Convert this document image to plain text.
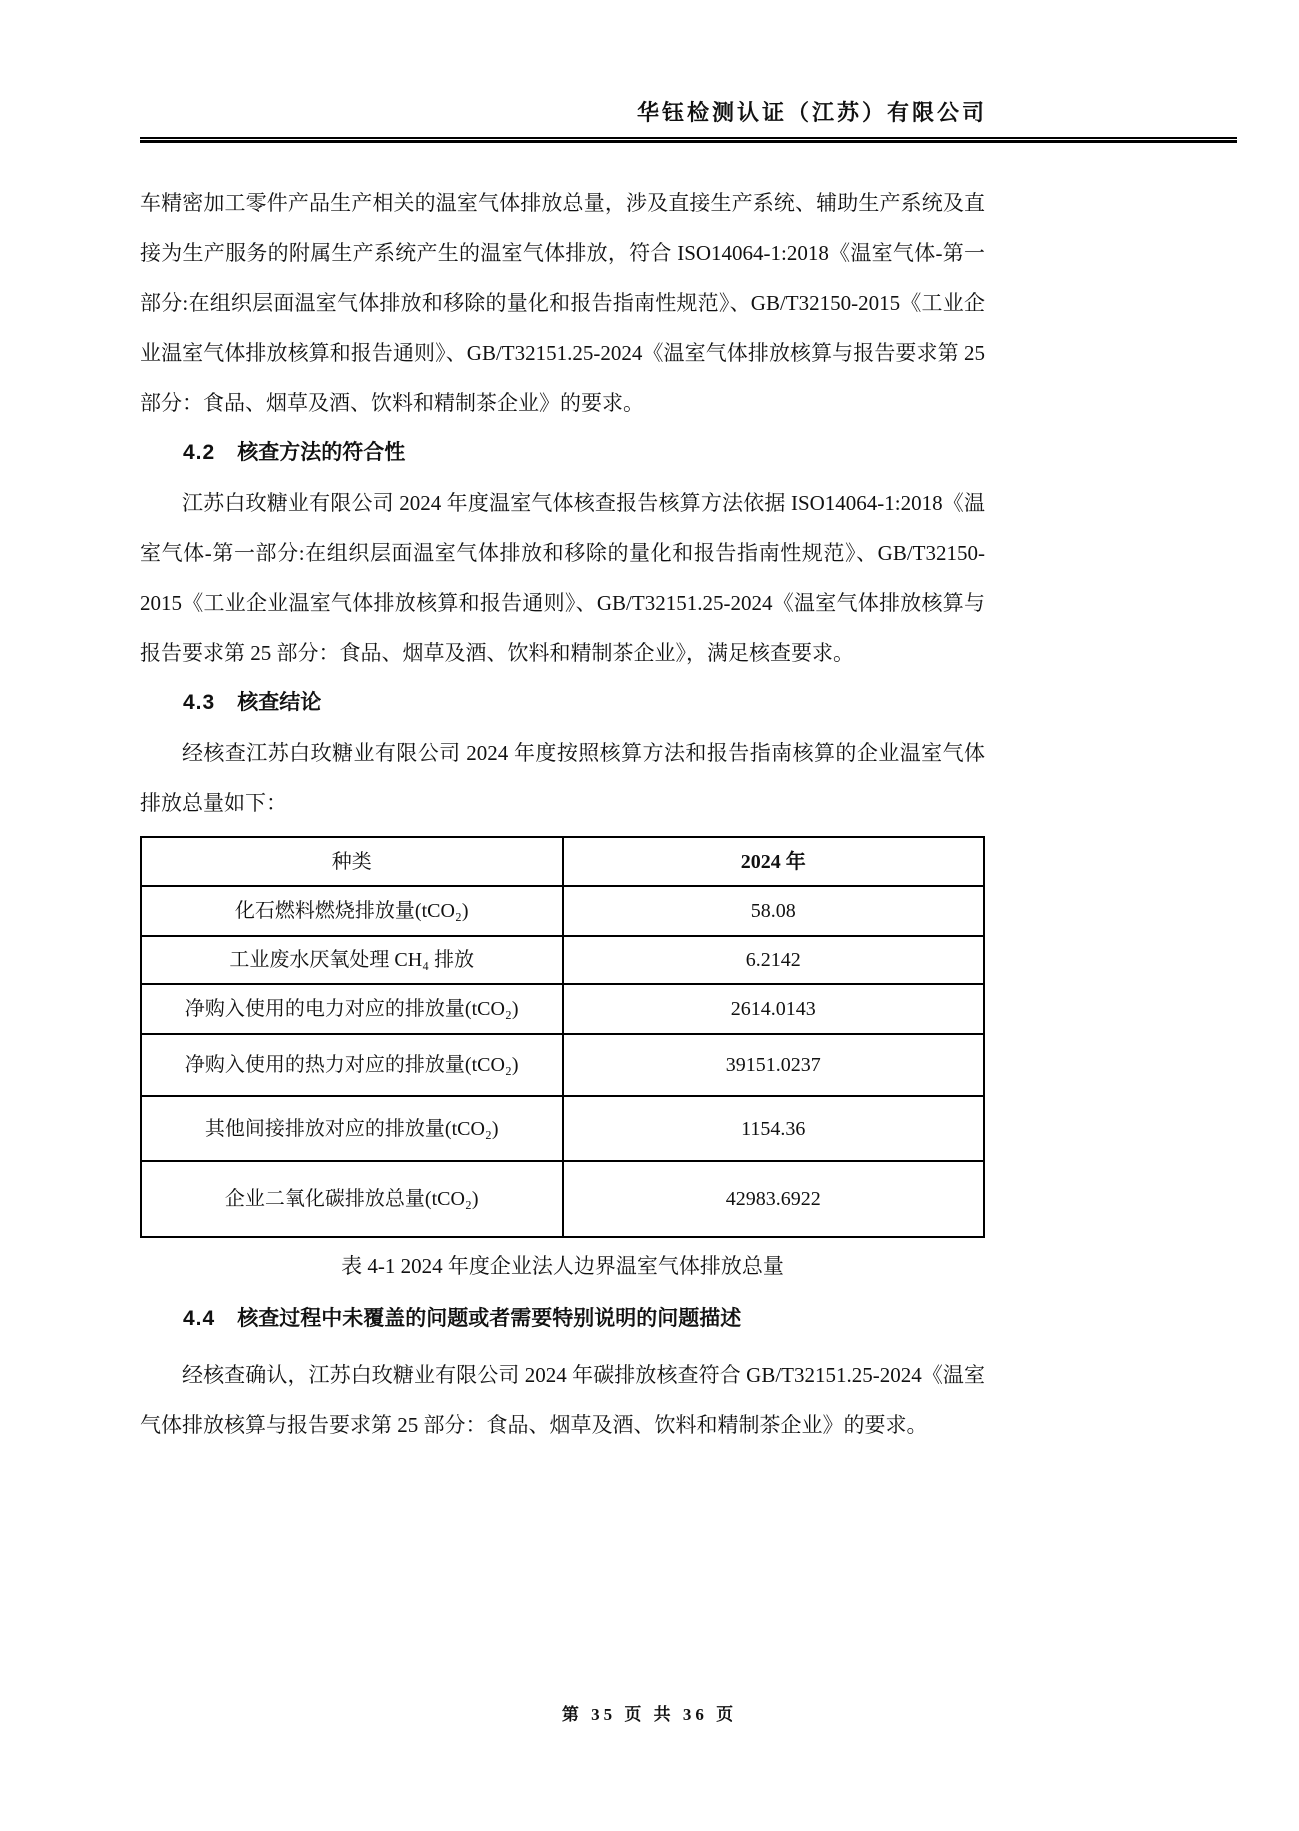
华钰检测认证（江苏）有限公司

车精密加工零件产品生产相关的温室气体排放总量，涉及直接生产系统、辅助生产系统及直接为生产服务的附属生产系统产生的温室气体排放，符合 ISO14064-1:2018《温室气体-第一部分:在组织层面温室气体排放和移除的量化和报告指南性规范》、GB/T32150-2015《工业企业温室气体排放核算和报告通则》、GB/T32151.25-2024《温室气体排放核算与报告要求第 25 部分：食品、烟草及酒、饮料和精制茶企业》的要求。

4.2 核查方法的符合性

江苏白玫糖业有限公司 2024 年度温室气体核查报告核算方法依据 ISO14064-1:2018《温室气体-第一部分:在组织层面温室气体排放和移除的量化和报告指南性规范》、GB/T32150-2015《工业企业温室气体排放核算和报告通则》、GB/T32151.25-2024《温室气体排放核算与报告要求第 25 部分：食品、烟草及酒、饮料和精制茶企业》，满足核查要求。

4.3 核查结论

经核查江苏白玫糖业有限公司 2024 年度按照核算方法和报告指南核算的企业温室气体排放总量如下：

种类	2024 年
化石燃料燃烧排放量(tCO₂)	58.08
工业废水厌氧处理 CH₄ 排放	6.2142
净购入使用的电力对应的排放量(tCO₂)	2614.0143
净购入使用的热力对应的排放量(tCO₂)	39151.0237
其他间接排放对应的排放量(tCO₂)	1154.36
企业二氧化碳排放总量(tCO₂)	42983.6922
表 4-1 2024 年度企业法人边界温室气体排放总量
4.4 核查过程中未覆盖的问题或者需要特别说明的问题描述

经核查确认，江苏白玫糖业有限公司 2024 年碳排放核查符合 GB/T32151.25-2024《温室气体排放核算与报告要求第 25 部分：食品、烟草及酒、饮料和精制茶企业》的要求。

第 35 页 共 36 页
